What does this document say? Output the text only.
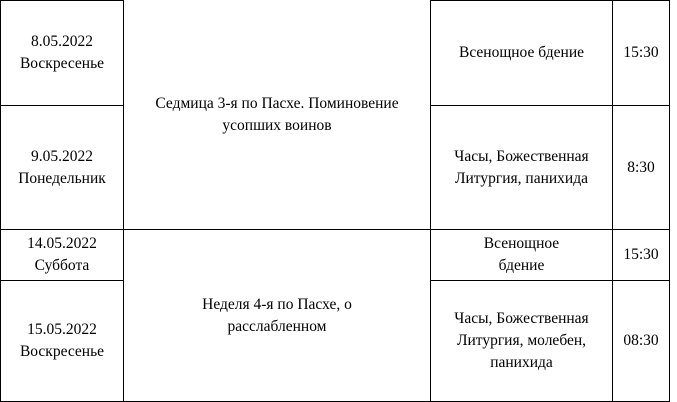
8.05.2022
Воскресенье
9.05.2022
Понедельник
14.05.2022
Суббота
15.05.2022
Воскресенье
Седмица 3-я по Пасхе. Поминовение
усопших воинов
Неделя 4-я по Пасхе, о
расслабленном
Всенощное бдение
Часы, Божественная
Литургия, панихида
Всенощное
бдение
Часы, Божественная
Литургия, молебен,
панихида
15:30
8:30
15:30
08:30
